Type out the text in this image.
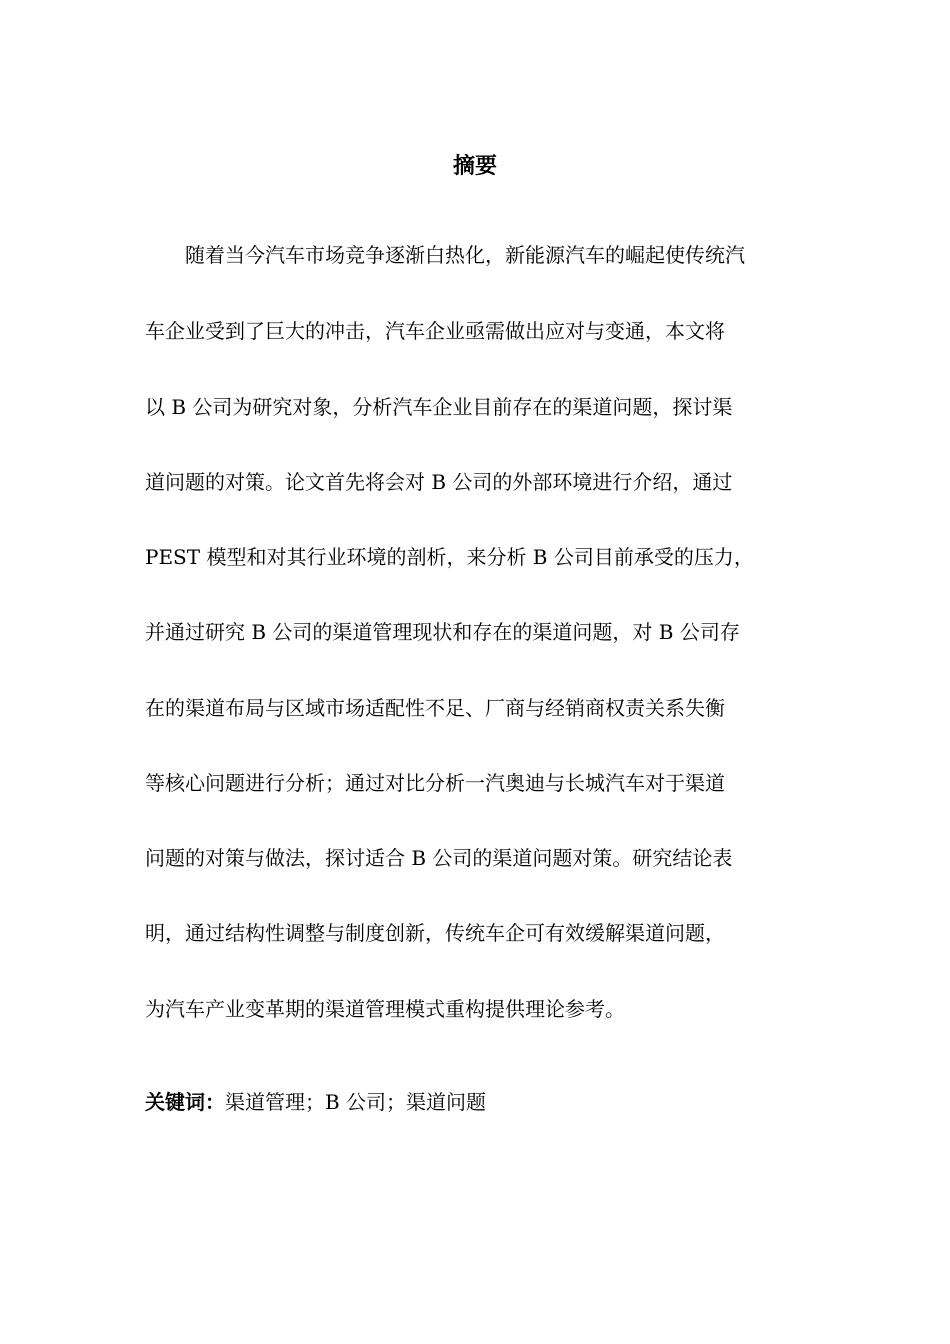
摘要

　　随着当今汽车市场竞争逐渐白热化，新能源汽车的崛起使传统汽

车企业受到了巨大的冲击，汽车企业亟需做出应对与变通，本文将

以 B 公司为研究对象，分析汽车企业目前存在的渠道问题，探讨渠

道问题的对策。论文首先将会对 B 公司的外部环境进行介绍，通过

PEST 模型和对其行业环境的剖析，来分析 B 公司目前承受的压力，

并通过研究 B 公司的渠道管理现状和存在的渠道问题，对 B 公司存

在的渠道布局与区域市场适配性不足、厂商与经销商权责关系失衡

等核心问题进行分析；通过对比分析一汽奥迪与长城汽车对于渠道

问题的对策与做法，探讨适合 B 公司的渠道问题对策。研究结论表

明，通过结构性调整与制度创新，传统车企可有效缓解渠道问题，

为汽车产业变革期的渠道管理模式重构提供理论参考。

关键词：渠道管理；B 公司；渠道问题
